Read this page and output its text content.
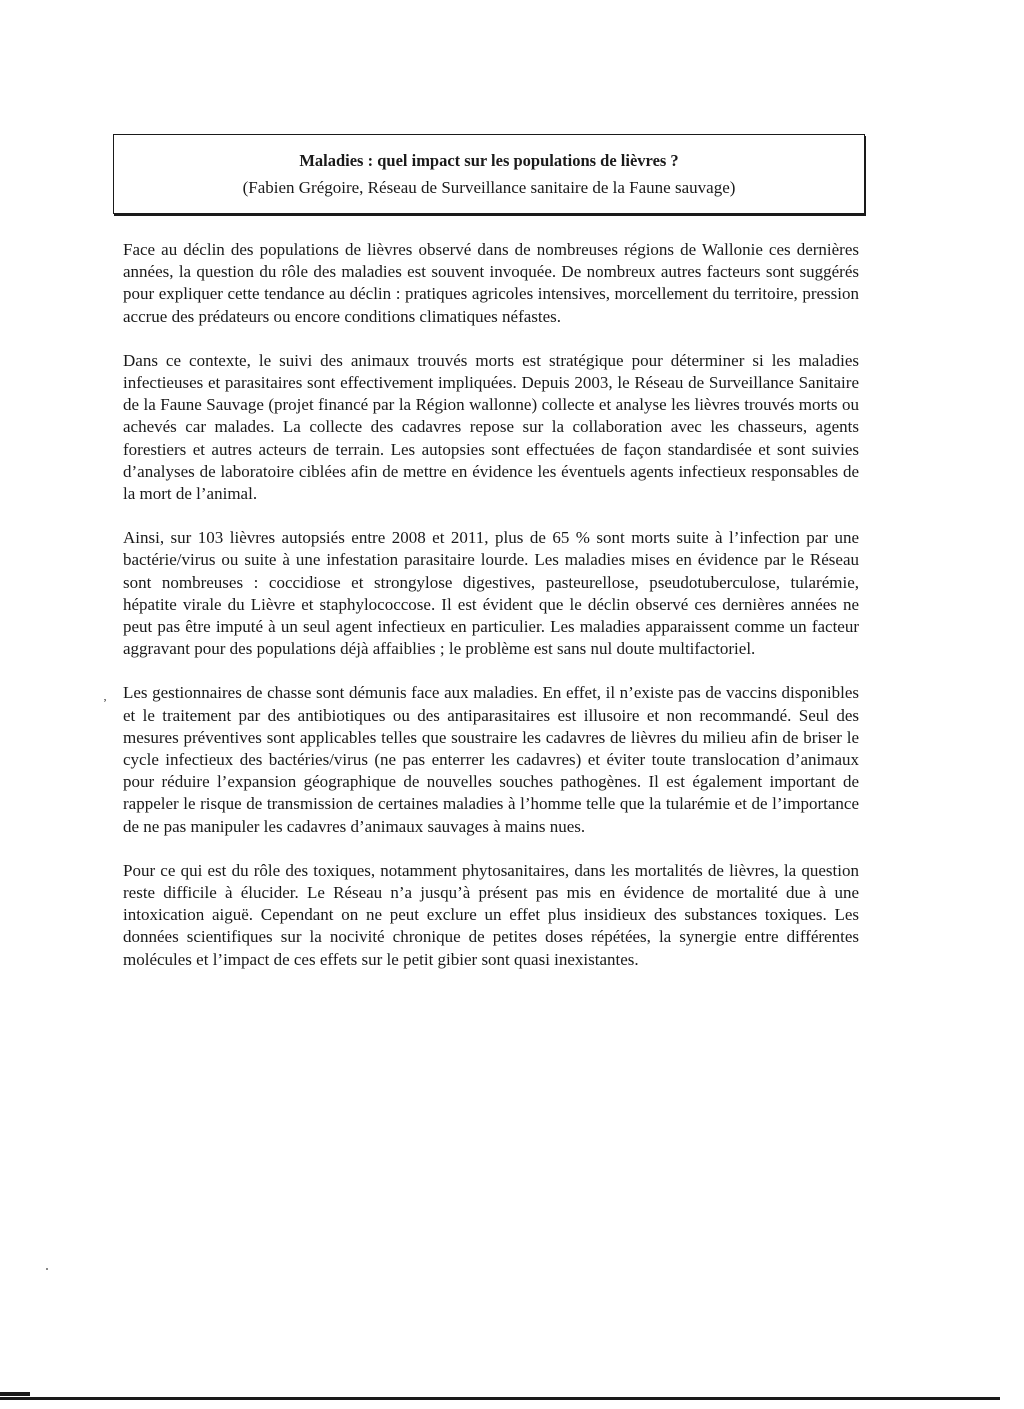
Maladies : quel impact sur les populations de lièvres ?
(Fabien Grégoire, Réseau de Surveillance sanitaire de la Faune sauvage)

Face au déclin des populations de lièvres observé dans de nombreuses régions de Wallonie ces dernières années, la question du rôle des maladies est souvent invoquée. De nombreux autres facteurs sont suggérés pour expliquer cette tendance au déclin : pratiques agricoles intensives, morcellement du territoire, pression accrue des prédateurs ou encore conditions climatiques néfastes.

Dans ce contexte, le suivi des animaux trouvés morts est stratégique pour déterminer si les maladies infectieuses et parasitaires sont effectivement impliquées. Depuis 2003, le Réseau de Surveillance Sanitaire de la Faune Sauvage (projet financé par la Région wallonne) collecte et analyse les lièvres trouvés morts ou achevés car malades. La collecte des cadavres repose sur la collaboration avec les chasseurs, agents forestiers et autres acteurs de terrain. Les autopsies sont effectuées de façon standardisée et sont suivies d’analyses de laboratoire ciblées afin de mettre en évidence les éventuels agents infectieux responsables de la mort de l’animal.

Ainsi, sur 103 lièvres autopsiés entre 2008 et 2011, plus de 65 % sont morts suite à l’infection par une bactérie/virus ou suite à une infestation parasitaire lourde. Les maladies mises en évidence par le Réseau sont nombreuses : coccidiose et strongylose digestives, pasteurellose, pseudotuberculose, tularémie, hépatite virale du Lièvre et staphylococcose. Il est évident que le déclin observé ces dernières années ne peut pas être imputé à un seul agent infectieux en particulier. Les maladies apparaissent comme un facteur aggravant pour des populations déjà affaiblies ; le problème est sans nul doute multifactoriel.

Les gestionnaires de chasse sont démunis face aux maladies. En effet, il n’existe pas de vaccins disponibles et le traitement par des antibiotiques ou des antiparasitaires est illusoire et non recommandé. Seul des mesures préventives sont applicables telles que soustraire les cadavres de lièvres du milieu afin de briser le cycle infectieux des bactéries/virus (ne pas enterrer les cadavres) et éviter toute translocation d’animaux pour réduire l’expansion géographique de nouvelles souches pathogènes. Il est également important de rappeler le risque de transmission de certaines maladies à l’homme telle que la tularémie et de l’importance de ne pas manipuler les cadavres d’animaux sauvages à mains nues.

Pour ce qui est du rôle des toxiques, notamment phytosanitaires, dans les mortalités de lièvres, la question reste difficile à élucider. Le Réseau n’a jusqu’à présent pas mis en évidence de mortalité due à une intoxication aiguë. Cependant on ne peut exclure un effet plus insidieux des substances toxiques. Les données scientifiques sur la nocivité chronique de petites doses répétées, la synergie entre différentes molécules et l’impact de ces effets sur le petit gibier sont quasi inexistantes.

‚
